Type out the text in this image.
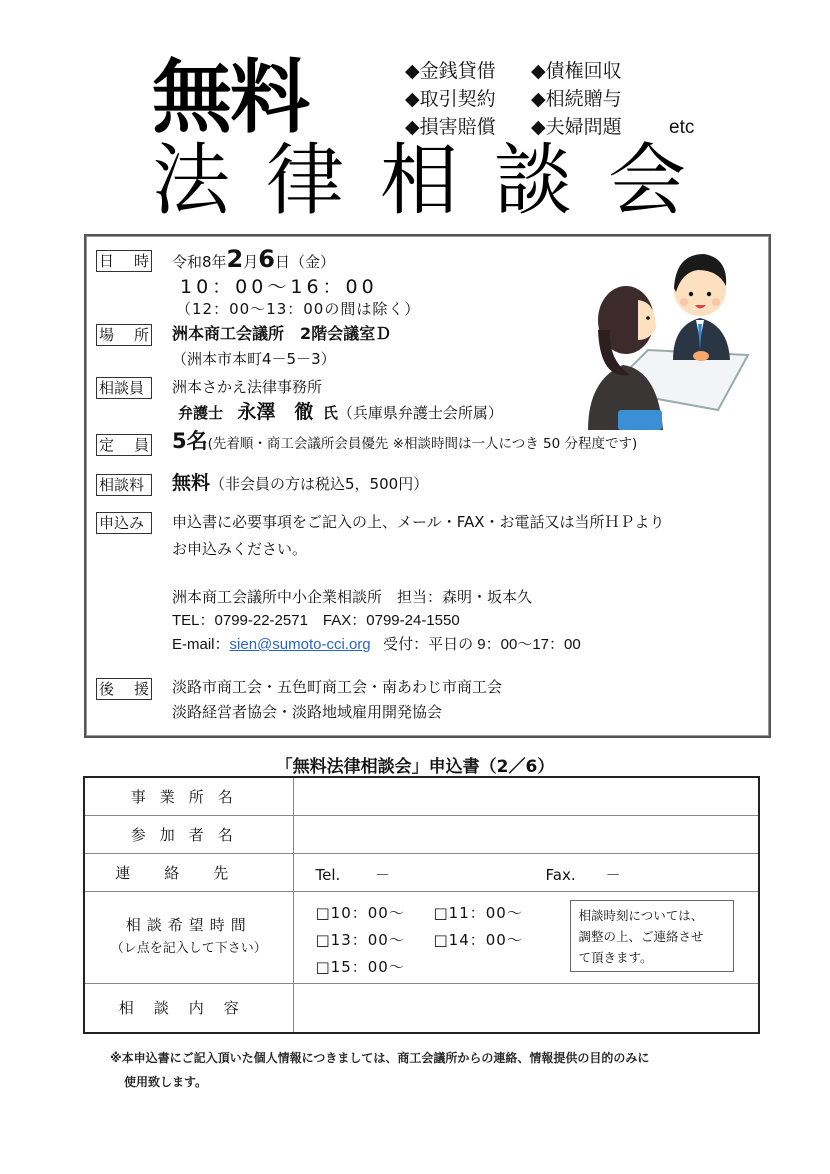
無料	◆金銭貸借 ◆債権回収
◆取引契約 ◆相続贈与
◆損害賠償 ◆夫婦問題 etc
法律相談会
日 時 令和8年2月6日（金）
10：00～16：00
（12：00～13：00の間は除く）
場 所 洲本商工会議所　2階会議室Ｄ
（洲本市本町4－5－3）
相談員 洲本さかえ法律事務所
弁護士 永澤　徹 氏（兵庫県弁護士会所属）
定 員 5名(先着順・商工会議所会員優先 ※相談時間は一人につき 50 分程度です)
相談料 無料（非会員の方は税込5，500円）
申込み 申込書に必要事項をご記入の上、メール・FAX・お電話又は当所ＨＰより
お申込みください。
洲本商工会議所中小企業相談所　担当：森明・坂本久
TEL：0799-22-2571　FAX：0799-24-1550
E-mail：sien@sumoto-cci.org 受付：平日の 9：00～17：00
後 援 淡路市商工会・五色町商工会・南あわじ市商工会
淡路経営者協会・淡路地域雇用開発協会
「無料法律相談会」申込書（2／6）
事業所名	
参加者名	
連絡先	Tel.　　 － Fax.　　－

相談希望時間
（レ点を記入して下さい）

□10：00～ □11：00～
□13：00～ □14：00～
□15：00～
相談時刻については、
調整の上、ご連絡させ
て頂きます。

相談内容	
※本申込書にご記入頂いた個人情報につきましては、商工会議所からの連絡、情報提供の目的のみに
使用致します。
